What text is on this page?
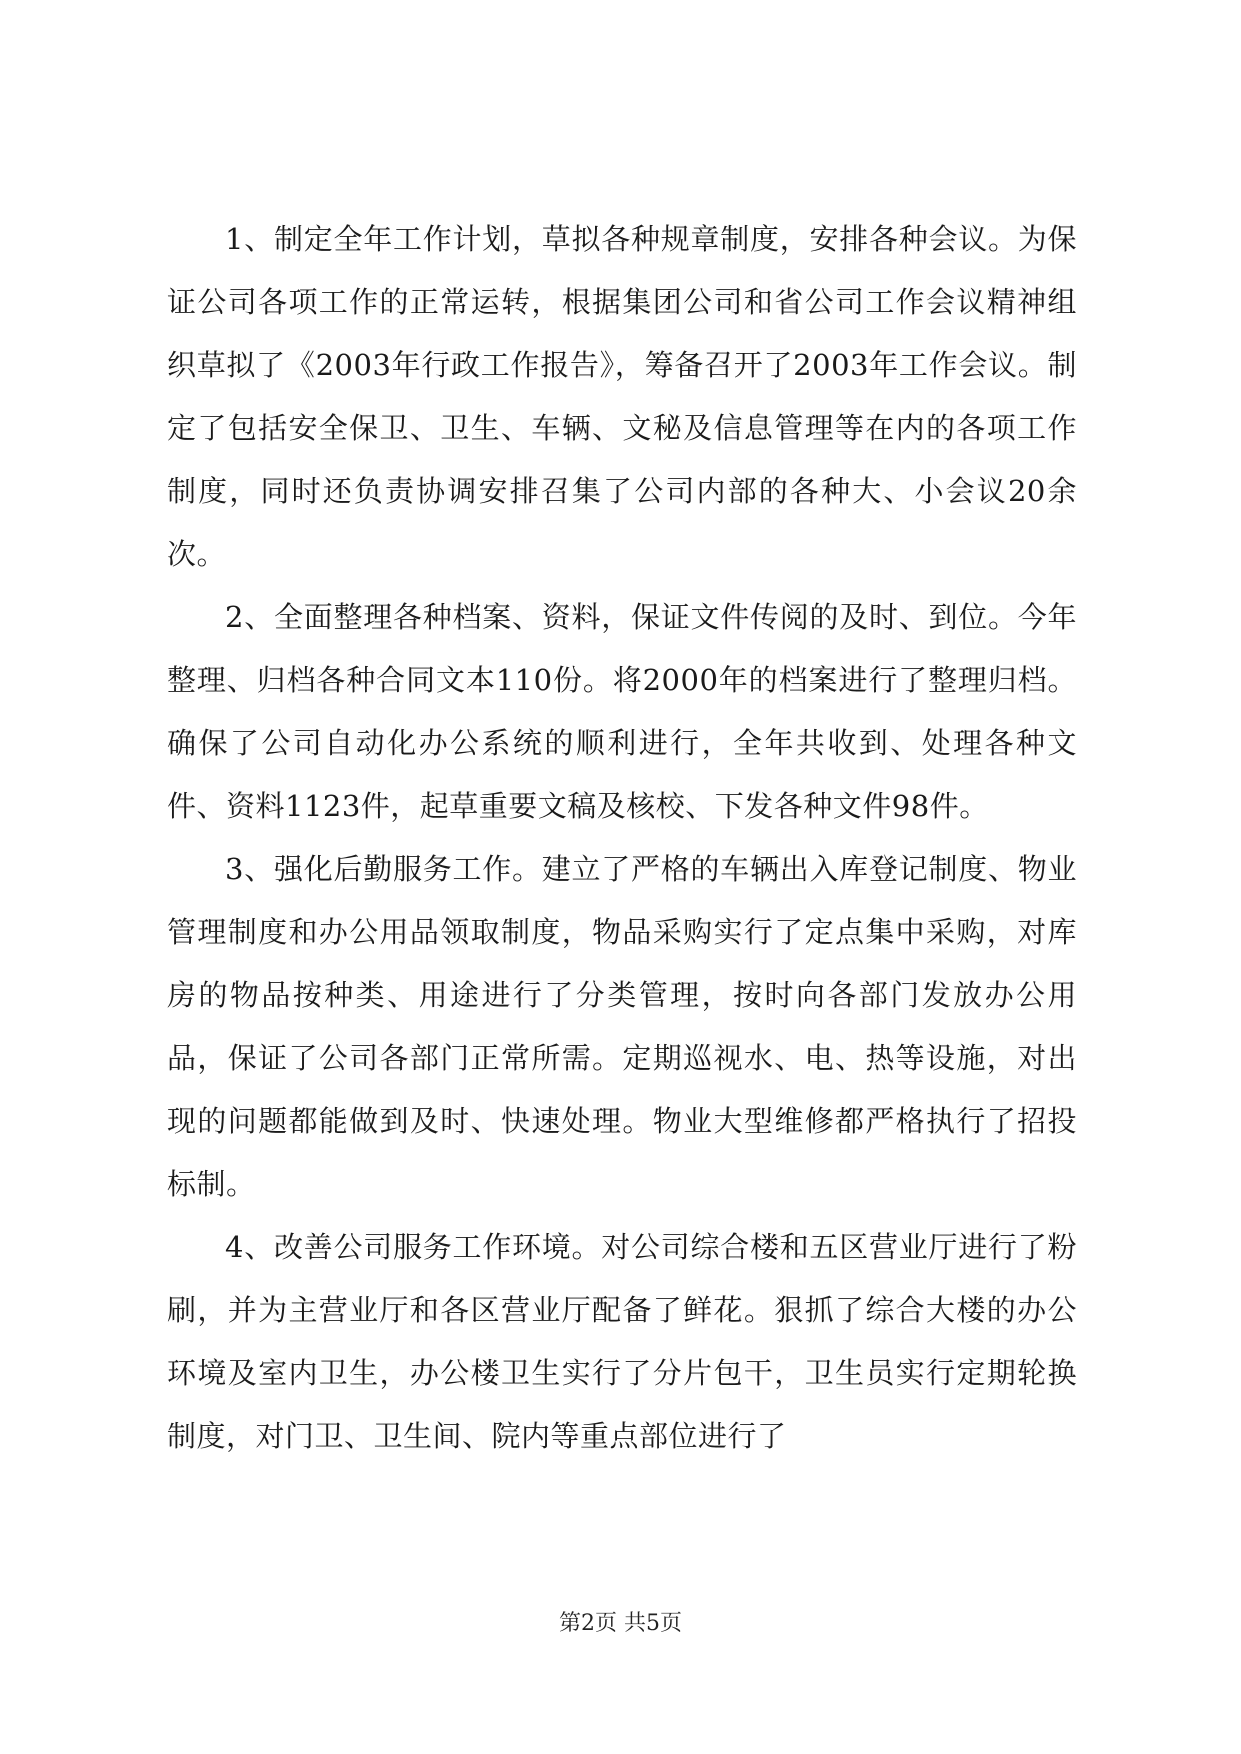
1、制定全年工作计划，草拟各种规章制度，安排各种会议。为保证公司各项工作的正常运转，根据集团公司和省公司工作会议精神组织草拟了《2003年行政工作报告》，筹备召开了2003年工作会议。制定了包括安全保卫、卫生、车辆、文秘及信息管理等在内的各项工作制度，同时还负责协调安排召集了公司内部的各种大、小会议20余次。

2、全面整理各种档案、资料，保证文件传阅的及时、到位。今年整理、归档各种合同文本110份。将2000年的档案进行了整理归档。确保了公司自动化办公系统的顺利进行，全年共收到、处理各种文件、资料1123件，起草重要文稿及核校、下发各种文件98件。

3、强化后勤服务工作。建立了严格的车辆出入库登记制度、物业管理制度和办公用品领取制度，物品采购实行了定点集中采购，对库房的物品按种类、用途进行了分类管理，按时向各部门发放办公用品，保证了公司各部门正常所需。定期巡视水、电、热等设施，对出现的问题都能做到及时、快速处理。物业大型维修都严格执行了招投标制。

4、改善公司服务工作环境。对公司综合楼和五区营业厅进行了粉刷，并为主营业厅和各区营业厅配备了鲜花。狠抓了综合大楼的办公环境及室内卫生，办公楼卫生实行了分片包干，卫生员实行定期轮换制度，对门卫、卫生间、院内等重点部位进行了

第2页 共5页
